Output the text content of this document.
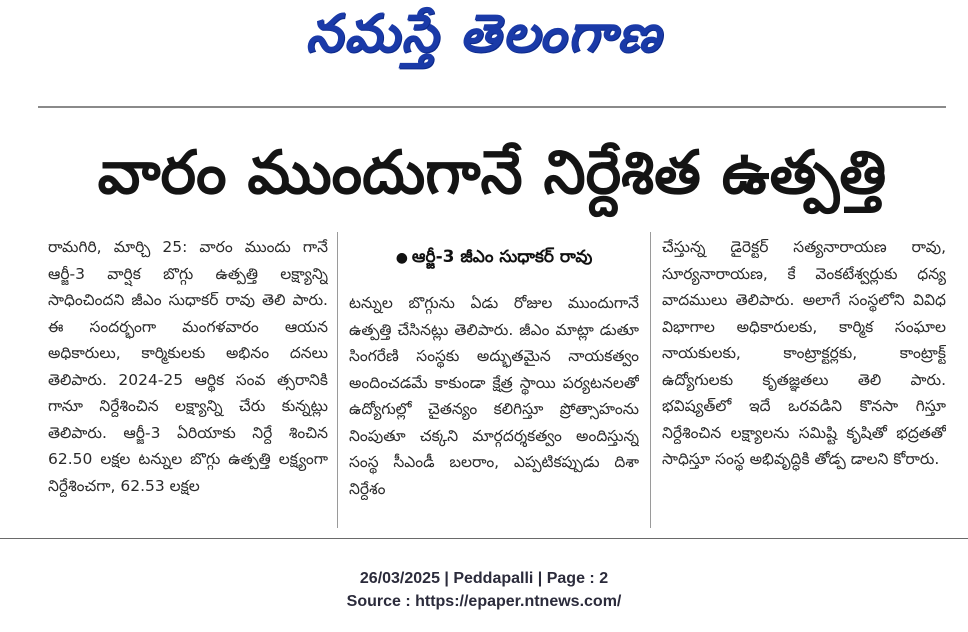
నమస్తే తెలంగాణ
వారం ముందుగానే నిర్దేశిత ఉత్పత్తి

రామగిరి, మార్చి 25: వారం ముందు గానే ఆర్జీ-3 వార్షిక బొగ్గు ఉత్పత్తి లక్ష్యాన్ని సాధించిందని జీఎం సుధాకర్ రావు తెలి పారు. ఈ సందర్భంగా మంగళవారం ఆయన అధికారులు, కార్మికులకు అభినం దనలు తెలిపారు. 2024-25 ఆర్థిక సంవ త్సరానికి గానూ నిర్దేశించిన లక్ష్యాన్ని చేరు కున్నట్లు తెలిపారు. ఆర్జీ-3 ఏరియాకు నిర్దే శించిన 62.50 లక్షల టన్నుల బొగ్గు ఉత్పత్తి లక్ష్యంగా నిర్దేశించగా, 62.53 లక్షల

● ఆర్జీ-3 జీఎం సుధాకర్ రావు

టన్నుల బొగ్గును ఏడు రోజుల ముందుగానే ఉత్పత్తి చేసినట్లు తెలిపారు. జీఎం మాట్లా డుతూ సింగరేణి సంస్థకు అద్భుతమైన నాయకత్వం అందించడమే కాకుండా క్షేత్ర స్థాయి పర్యటనలతో ఉద్యోగుల్లో చైతన్యం కలిగిస్తూ ప్రోత్సాహంను నింపుతూ చక్కని మార్గదర్శకత్వం అందిస్తున్న సంస్థ సీఎండీ బలరాం, ఎప్పటికప్పుడు దిశా నిర్దేశం

చేస్తున్న డైరెక్టర్ సత్యనారాయణ రావు, సూర్యనారాయణ, కే వెంకటేశ్వర్లుకు ధన్య వాదములు తెలిపారు. అలాగే సంస్థలోని వివిధ విభాగాల అధికారులకు, కార్మిక సంఘాల నాయకులకు, కాంట్రాక్టర్లకు, కాంట్రాక్ట్ ఉద్యోగులకు కృతజ్ఞతలు తెలి పారు. భవిష్యత్‌లో ఇదే ఒరవడిని కొనసా గిస్తూ నిర్దేశించిన లక్ష్యాలను సమిష్టి కృషితో భద్రతతో సాధిస్తూ సంస్థ అభివృద్ధికి తోడ్ప డాలని కోరారు.

26/03/2025 | Peddapalli | Page : 2
Source : https://epaper.ntnews.com/
